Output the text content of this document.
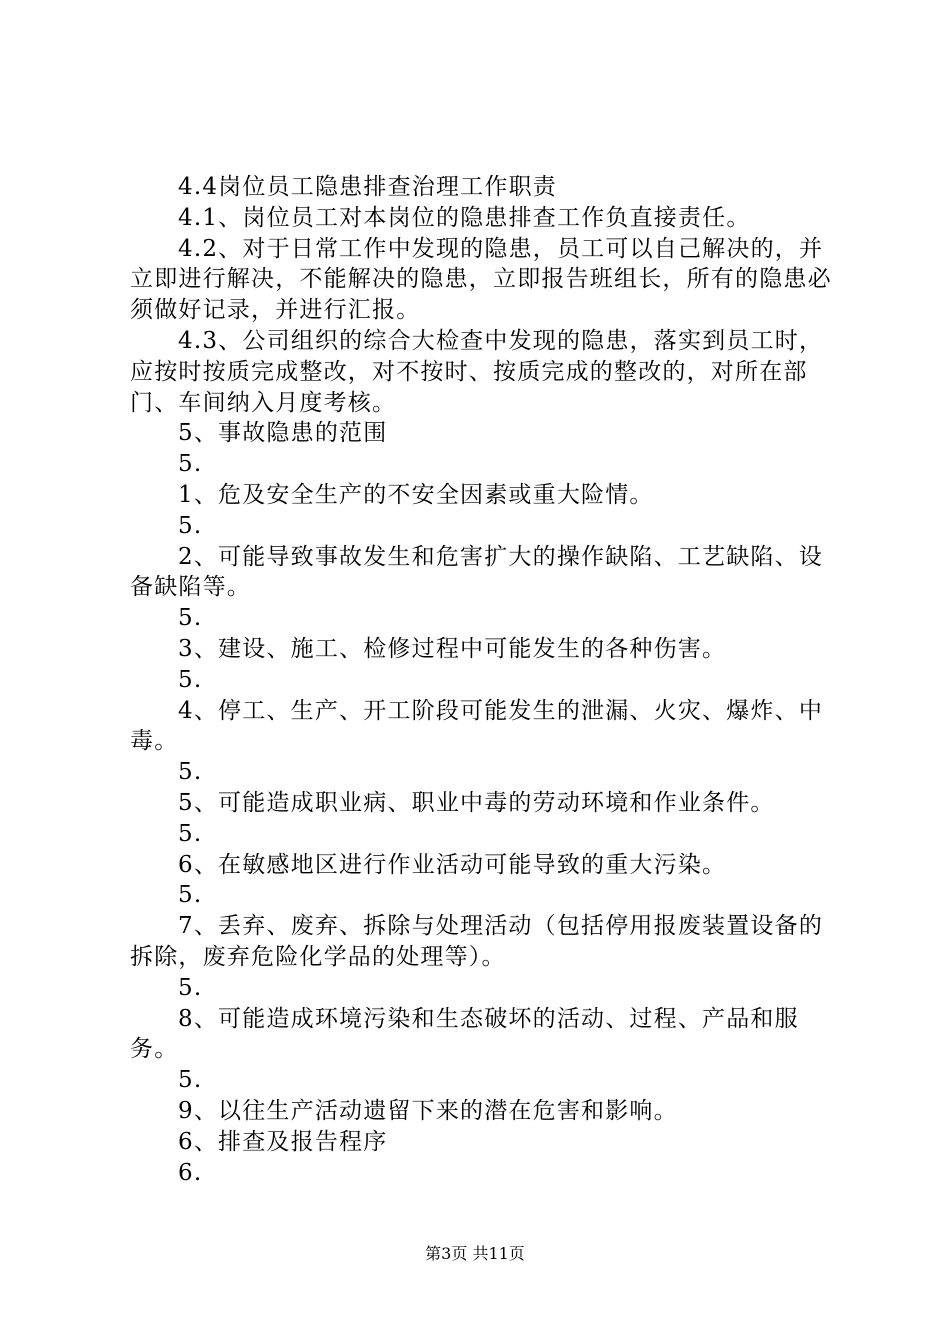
4.4岗位员工隐患排查治理工作职责

4.1、岗位员工对本岗位的隐患排查工作负直接责任。

4.2、对于日常工作中发现的隐患，员工可以自己解决的，并立即进行解决，不能解决的隐患，立即报告班组长，所有的隐患必须做好记录，并进行汇报。

4.3、公司组织的综合大检查中发现的隐患，落实到员工时，应按时按质完成整改，对不按时、按质完成的整改的，对所在部门、车间纳入月度考核。

5、事故隐患的范围

5.

1、危及安全生产的不安全因素或重大险情。

5.

2、可能导致事故发生和危害扩大的操作缺陷、工艺缺陷、设备缺陷等。

5.

3、建设、施工、检修过程中可能发生的各种伤害。

5.

4、停工、生产、开工阶段可能发生的泄漏、火灾、爆炸、中毒。

5.

5、可能造成职业病、职业中毒的劳动环境和作业条件。

5.

6、在敏感地区进行作业活动可能导致的重大污染。

5.

7、丢弃、废弃、拆除与处理活动（包括停用报废装置设备的拆除，废弃危险化学品的处理等）。

5.

8、可能造成环境污染和生态破坏的活动、过程、产品和服务。

5.

9、以往生产活动遗留下来的潜在危害和影响。

6、排查及报告程序

6.

第3页 共11页
